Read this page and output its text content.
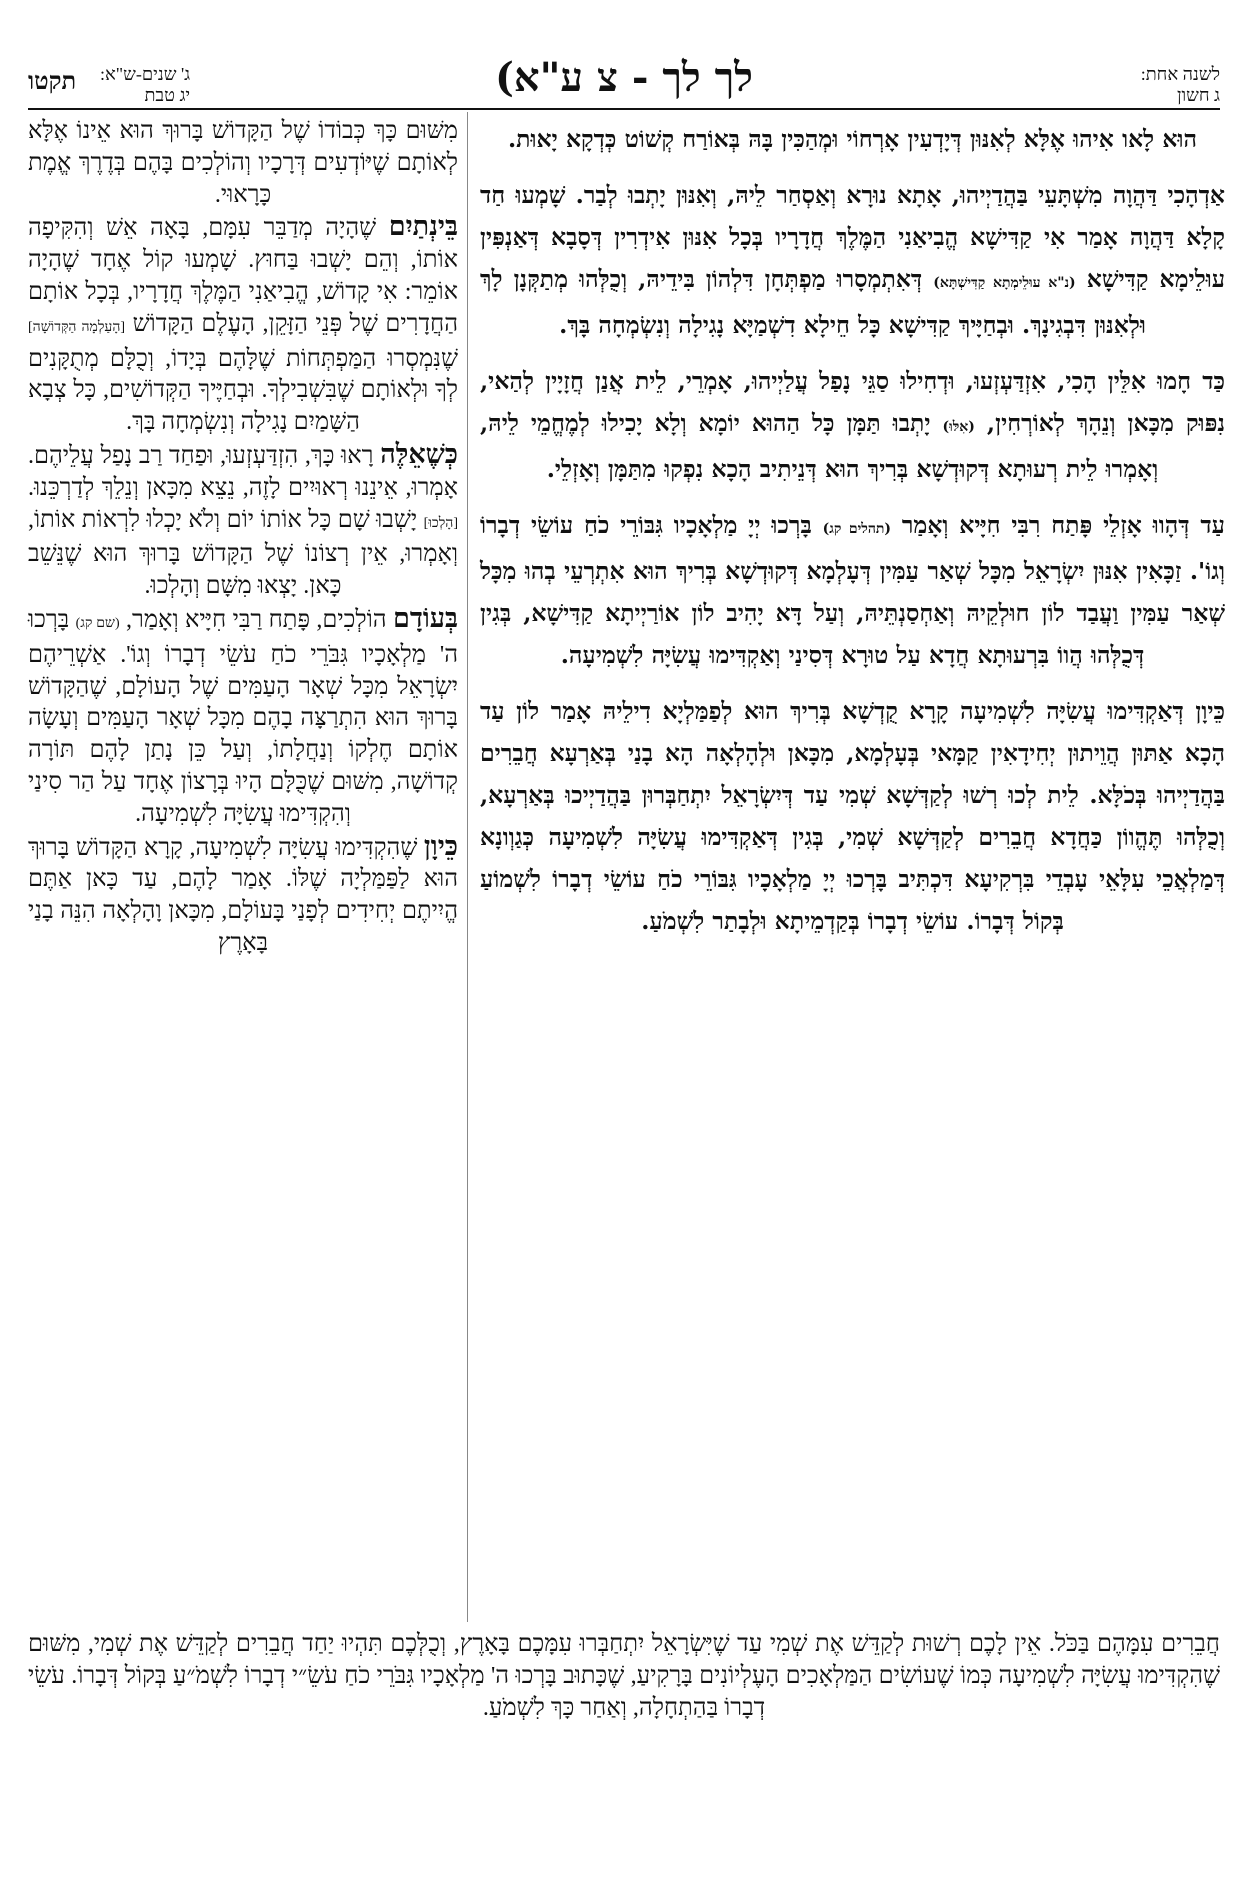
לשנה אחת:
ג חשון
לך לך - צ ע"א)
ג' שנים-ש"א:
יג טבת
תקטו

הוּא לָאו אִיהוּ אֶלָּא לְאִנּוּן דְּיָדְעִין אָרְחוֹי וּמְהַכִּין בָּהּ בְּאוֹרַח קְשׁוֹט כְּדְקָא יָאוּת.

אַדְהָכִי דַּהֲוָה מִשְׁתָּעֵי בַּהֲדַיְיהוּ, אָתָא נוּרָא וְאַסְחַר לֵיהּ, וְאִנּוּן יָתְבוּ לְבַר. שָׁמְעוּ חַד קָלָא דַּהֲוָה אָמַר אִי קַדִּישָׁא הֱבִיאַנִי הַמֶּלֶךְ חֲדָרָיו בְּכָל אִנּוּן אִידְרִין דְּסָבָא דְּאַנְפִּין עוּלֵימָא קַדִּישָׁא (נ"א עוּלֵימְתָא קַדִּישְׁתָּא) דְּאִתְמְסָרוּ מַפְתְּחָן דִּלְהוֹן בִּידֵיהּ, וְכֻלְּהוּ מְתַקְּנָן לָךְ וּלְאִנּוּן דִּבְגִינָךְ. וּבְחַיָּיךְ קַדִּישָׁא כָּל חֵילָא דִשְׁמַיָּא נָגִילָה וְנִשְׂמְחָה בָּךְ.

כַּד חָמוּ אִלֵּין הָכִי, אִזְדַּעְזְעוּ, וּדְחִילוּ סַגֵּי נָפַל עֲלַיְיהוּ, אָמְרֵי, לֵית אֲנַן חֲזָיָין לְהַאי, נִפּוּק מִכָּאן וְנֵהָךְ לְאוֹרְחִין, (אִלּוּ) יָתְבוּ תַּמָּן כָּל הַהוּא יוֹמָא וְלָא יָכִילוּ לְמֶחֱמֵי לֵיהּ, וְאָמְרוּ לֵית רְעוּתָא דְּקוּדְשָׁא בְּרִיךְ הוּא דְּנֵיתִיב הָכָא נִפְקוּ מִתַּמָּן וְאָזְלֵי.

עַד דְּהָווּ אָזְלֵי פָּתַח רִבִּי חִיָּיא וְאָמַר (תהלים קג) בָּרְכוּ יְיָ מַלְאָכָיו גִּבּוֹרֵי כֹחַ עוֹשֵׂי דְבָרוֹ וְגוֹ'. זַכָּאִין אִנּוּן יִשְׂרָאֵל מִכָּל שְׁאַר עַמִּין דְּעָלְמָא דְּקוּדְשָׁא בְּרִיךְ הוּא אִתְרְעֵי בְהוּ מִכָּל שְׁאַר עַמִּין וַעֲבַד לוֹן חוּלְקֵיהּ וְאַחְסַנְתֵּיהּ, וְעַל דָּא יָהִיב לוֹן אוֹרַיְיתָא קַדִּישָׁא, בְּגִין דְּכֻלְּהוּ הֲווֹ בִּרְעוּתָא חֲדָא עַל טוּרָא דְּסִינַי וְאַקְדִּימוּ עֲשִׂיָּה לִשְׁמִיעָה.

כֵּיוָן דְּאַקְדִּימוּ עֲשִׂיָּה לִשְׁמִיעָה קָרָא קֻדְשָׁא בְּרִיךְ הוּא לְפַמַּלְיָא דִילֵיהּ אָמַר לוֹן עַד הָכָא אַתּוּן הֲוֵיתוּן יְחִידָאִין קַמָּאי בְּעָלְמָא, מִכָּאן וּלְהָלְאָה הָא בָנַי בְּאַרְעָא חֲבֵרִים בַּהֲדַיְיהוּ בְּכֹלָּא. לֵית לְכוּ רְשׁוּ לְקַדְּשָׁא שְׁמִי עַד דְּיִשְׂרָאֵל יִתְחַבְּרוּן בַּהֲדַיְיכוּ בְּאַרְעָא, וְכֻלְּהוּ תֶּהֱווֹן כַּחֲדָא חֲבֵרִים לְקַדְּשָׁא שְׁמִי, בְּגִין דְּאַקְדִּימוּ עֲשִׂיָּה לִשְׁמִיעָה כְּגַוְונָא דְּמַלְאֲכֵי עִלָּאֵי עָבְדֵי בִּרְקִיעָא דִּכְתִּיב בָּרְכוּ יְיָ מַלְאָכָיו גִּבּוֹרֵי כֹחַ עוֹשֵׂי דְבָרוֹ לִשְׁמוֹעַ בְּקוֹל דְּבָרוֹ. עוֹשֵׂי דְבָרוֹ בְּקַדְמֵיתָא וּלְבָתַר לִשְׁמֹעַ.

מִשּׁוּם כָּךְ כְּבוֹדוֹ שֶׁל הַקָּדוֹשׁ בָּרוּךְ הוּא אֵינוֹ אֶלָּא לְאוֹתָם שֶׁיּוֹדְעִים דְּרָכָיו וְהוֹלְכִים בָּהֶם בְּדֶרֶךְ אֱמֶת כָּרָאוּי.

בֵּינְתַיִם שֶׁהָיָה מְדַבֵּר עִמָּם, בָּאָה אֵשׁ וְהִקִּיפָה אוֹתוֹ, וְהֵם יָשְׁבוּ בַּחוּץ. שָׁמְעוּ קוֹל אֶחָד שֶׁהָיָה אוֹמֵר: אִי קָדוֹשׁ, הֱבִיאַנִי הַמֶּלֶךְ חֲדָרָיו, בְּכָל אוֹתָם הַחֲדָרִים שֶׁל פְּנֵי הַזָּקֵן, הָעֶלֶם הַקָּדוֹשׁ [הָעַלְמָה הַקְּדוֹשָׁה] שֶׁנִּמְסְרוּ הַמַּפְתְּחוֹת שֶׁלָּהֶם בְּיָדוֹ, וְכֻלָּם מְתֻקָּנִים לְךָ וּלְאוֹתָם שֶׁבִּשְׁבִילְךָ. וּבְחַיֶּיךָ הַקְּדוֹשִׁים, כָּל צְבָא הַשָּׁמַיִם נָגִילָה וְנִשְׂמְחָה בָּךְ.

כְּשֶׁאֵלֶּה רָאוּ כָּךְ, הִזְדַּעְזְעוּ, וּפַחַד רַב נָפַל עֲלֵיהֶם. אָמְרוּ, אֵינֵנוּ רְאוּיִים לָזֶה, נֵצֵא מִכָּאן וְנֵלֵךְ לְדַרְכֵּנוּ. [הָלְכוּ] יָשְׁבוּ שָׁם כָּל אוֹתוֹ יוֹם וְלֹא יָכְלוּ לִרְאוֹת אוֹתוֹ, וְאָמְרוּ, אֵין רְצוֹנוֹ שֶׁל הַקָּדוֹשׁ בָּרוּךְ הוּא שֶׁנֵּשֵׁב כָּאן. יָצְאוּ מִשָּׁם וְהָלְכוּ.

בְּעוֹדָם הוֹלְכִים, פָּתַח רַבִּי חִיָּיא וְאָמַר, (שם קג) בָּרְכוּ ה' מַלְאָכָיו גִּבֹּרֵי כֹחַ עֹשֵׂי דְבָרוֹ וְגוֹ'. אַשְׁרֵיהֶם יִשְׂרָאֵל מִכָּל שְׁאָר הָעַמִּים שֶׁל הָעוֹלָם, שֶׁהַקָּדוֹשׁ בָּרוּךְ הוּא הִתְרַצָּה בָהֶם מִכָּל שְׁאָר הָעַמִּים וְעָשָׂה אוֹתָם חֶלְקוֹ וְנַחֲלָתוֹ, וְעַל כֵּן נָתַן לָהֶם תּוֹרָה קְדוֹשָׁה, מִשּׁוּם שֶׁכֻּלָּם הָיוּ בְּרָצוֹן אֶחָד עַל הַר סִינַי וְהִקְדִּימוּ עֲשִׂיָּה לִשְׁמִיעָה.

כֵּיוָן שֶׁהִקְדִּימוּ עֲשִׂיָּה לִשְׁמִיעָה, קָרָא הַקָּדוֹשׁ בָּרוּךְ הוּא לַפַּמַּלְיָה שֶׁלּוֹ. אָמַר לָהֶם, עַד כָּאן אַתֶּם הֱיִיתֶם יְחִידִים לְפָנַי בָּעוֹלָם, מִכָּאן וָהָלְאָה הִנֵּה בָנַי בָּאָרֶץ

חֲבֵרִים עִמָּהֶם בַּכֹּל. אֵין לָכֶם רְשׁוּת לְקַדֵּשׁ אֶת שְׁמִי עַד שֶׁיִּשְׂרָאֵל יִתְחַבְּרוּ עִמָּכֶם בָּאָרֶץ, וְכֻלְּכֶם תִּהְיוּ יַחַד חֲבֵרִים לְקַדֵּשׁ אֶת שְׁמִי, מִשּׁוּם שֶׁהִקְדִּימוּ עֲשִׂיָּה לִשְׁמִיעָה כְּמוֹ שֶׁעוֹשִׂים הַמַּלְאָכִים הָעֶלְיוֹנִים בָּרָקִיעַ, שֶׁכָּתוּב בָּרְכוּ ה' מַלְאָכָיו גִּבֹּרֵי כֹחַ עֹשֵׂ״י דְבָרוֹ לִשְׁמֹ״עַ בְּקוֹל דְּבָרוֹ. עֹשֵׂי דְבָרוֹ בַּהַתְחָלָה, וְאַחַר כָּךְ לִשְׁמֹעַ.
